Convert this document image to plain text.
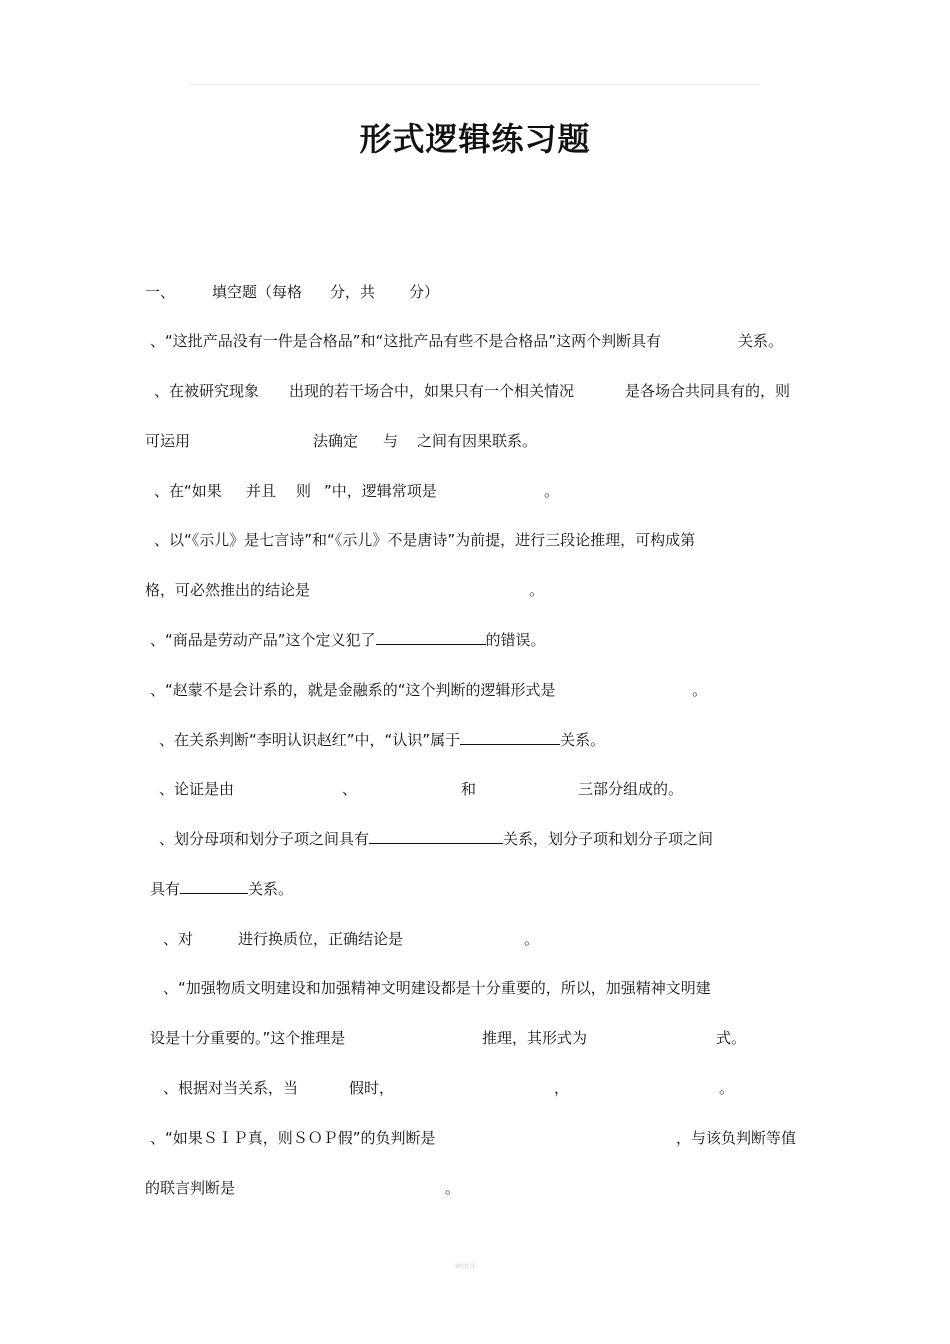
形式逻辑练习题
一、 填空题（每格 分，共 分）
、“这批产品没有一件是合格品”和“这批产品有些不是合格品”这两个判断具有	关系。
、在被研究现象 出现的若干场合中，如果只有一个相关情况	是各场合共同具有的，则
可运用	法确定 与 之间有因果联系。
、在“如果 并且 则 ”中，逻辑常项是	。
、以“《示儿》是七言诗”和“《示儿》不是唐诗”为前提，进行三段论推理，可构成第
格，可必然推出的结论是	。
、“商品是劳动产品”这个定义犯了	的错误。
、“赵蒙不是会计系的，就是金融系的“这个判断的逻辑形式是	。
、在关系判断“李明认识赵红”中，“认识”属于	关系。
、论证是由	、	和	三部分组成的。
、划分母项和划分子项之间具有	关系，划分子项和划分子项之间
具有	关系。
、对	进行换质位，正确结论是	。
、“加强物质文明建设和加强精神文明建设都是十分重要的，所以，加强精神文明建
设是十分重要的。”这个推理是	推理，其形式为	式。
、根据对当关系，当	假时，	，	。
、“如果ＳＩＰ真，则ＳＯＰ假”的负判断是	，与该负判断等值
的联言判断是	。
word
